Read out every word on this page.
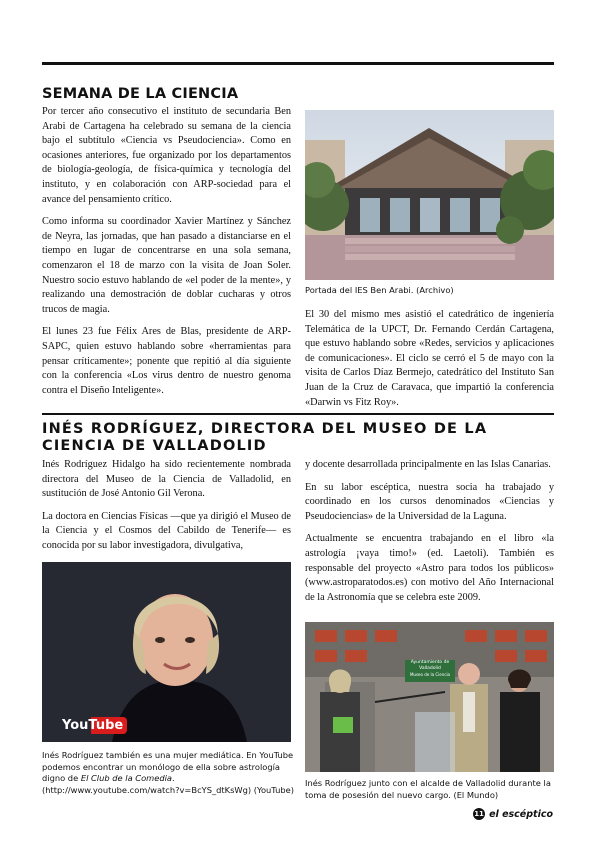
SEMANA DE LA CIENCIA

Por tercer año consecutivo el instituto de secundaria Ben Arabi de Cartagena ha celebrado su semana de la ciencia bajo el subtítulo «Ciencia vs Pseudociencia». Como en ocasiones anteriores, fue organizado por los departamentos de biología-geología, de física-química y tecnología del instituto, y en colaboración con ARP-sociedad para el avance del pensamiento crítico.

Como informa su coordinador Xavier Martínez y Sánchez de Neyra, las jornadas, que han pasado a distanciarse en el tiempo en lugar de concentrarse en una sola semana, comenzaron el 18 de marzo con la visita de Joan Soler. Nuestro socio estuvo hablando de «el poder de la mente», y realizando una demostración de doblar cucharas y otros trucos de magia.

El lunes 23 fue Félix Ares de Blas, presidente de ARP-SAPC, quien estuvo hablando sobre «herramientas para pensar críticamente»; ponente que repitió al día siguiente con la conferencia «Los virus dentro de nuestro genoma contra el Diseño Inteligente».

Portada del IES Ben Arabi. (Archivo)

El 30 del mismo mes asistió el catedrático de ingeniería Telemática de la UPCT, Dr. Fernando Cerdán Cartagena, que estuvo hablando sobre «Redes, servicios y aplicaciones de comunicaciones». El ciclo se cerró el 5 de mayo con la visita de Carlos Díaz Bermejo, catedrático del Instituto San Juan de la Cruz de Caravaca, que impartió la conferencia «Darwin vs Fitz Roy».

INÉS RODRÍGUEZ, DIRECTORA DEL MUSEO DE LA CIENCIA DE VALLADOLID

Inés Rodríguez Hidalgo ha sido recientemente nombrada directora del Museo de la Ciencia de Valladolid, en sustitución de José Antonio Gil Verona.

La doctora en Ciencias Físicas —que ya dirigió el Museo de la Ciencia y el Cosmos del Cabildo de Tenerife— es conocida por su labor investigadora, divulgativa,

YouTube
Inés Rodríguez también es una mujer mediática. En YouTube podemos encontrar un monólogo de ella sobre astrología digno de El Club de la Comedia. (http://www.youtube.com/watch?v=BcYS_dtKsWg) (YouTube)

y docente desarrollada principalmente en las Islas Canarias.

En su labor escéptica, nuestra socia ha trabajado y coordinado en los cursos denominados «Ciencias y Pseudociencias» de la Universidad de la Laguna.

Actualmente se encuentra trabajando en el libro «la astrología ¡vaya timo!» (ed. Laetoli). También es responsable del proyecto «Astro para todos los públicos» (www.astroparatodos.es) con motivo del Año Internacional de la Astronomía que se celebra este 2009.

Ayuntamiento de Valladolid
Museo de la Ciencia
Inés Rodríguez junto con el alcalde de Valladolid durante la toma de posesión del nuevo cargo. (El Mundo)
11 el escéptico
